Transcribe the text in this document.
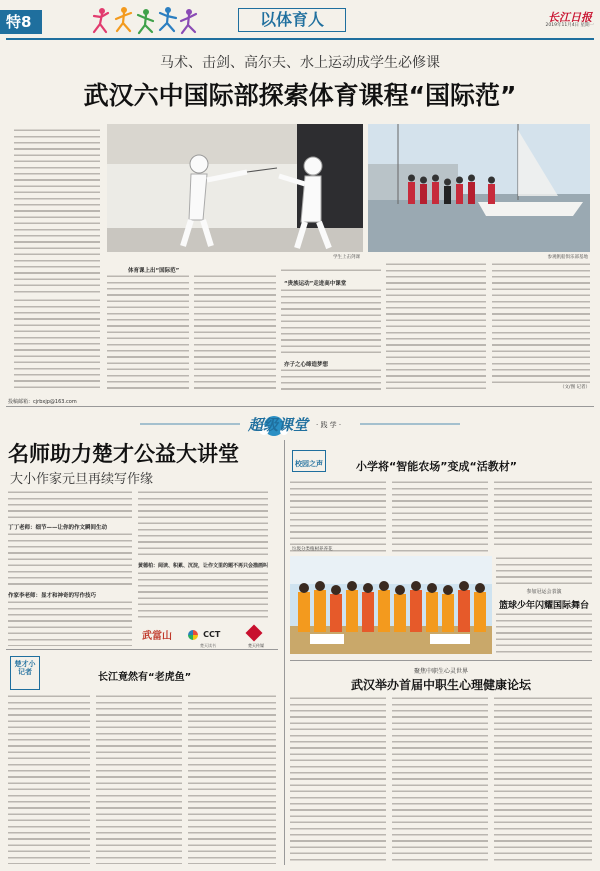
特8	以体育人	长江日报
2019年11月4日 星期一
马术、击剑、高尔夫、水上运动成学生必修课
武汉六中国际部探索体育课程“国际范”
学生上击剑课	参观帆船俱乐部基地
体育课上出“国际范”
“贵族运动”走进高中课堂
亦子之心缔造梦想
（文/图 记者）
投稿邮箱：cjrbxjp@163.com
超级课堂	· 践 学 ·
名师助力楚才公益大讲堂
大小作家元旦再续写作缘
丁丁老师：细节——让你的作文瞬间生动
作家李老师：显才和神奇的写作技巧
黄德柏：阅读、积累、沉淀，让作文里的题不再只会描画叫
武當山	CCT
楚天读书	楚天传媒
楚才小记者	长江竟然有“老虎鱼”
校园之声	小学将“智能农场”变成“活教材”
垃圾分类植树养养花
参加冠运会表演
篮球少年闪耀国际舞台
聚焦中职生心灵世界
武汉举办首届中职生心理健康论坛
